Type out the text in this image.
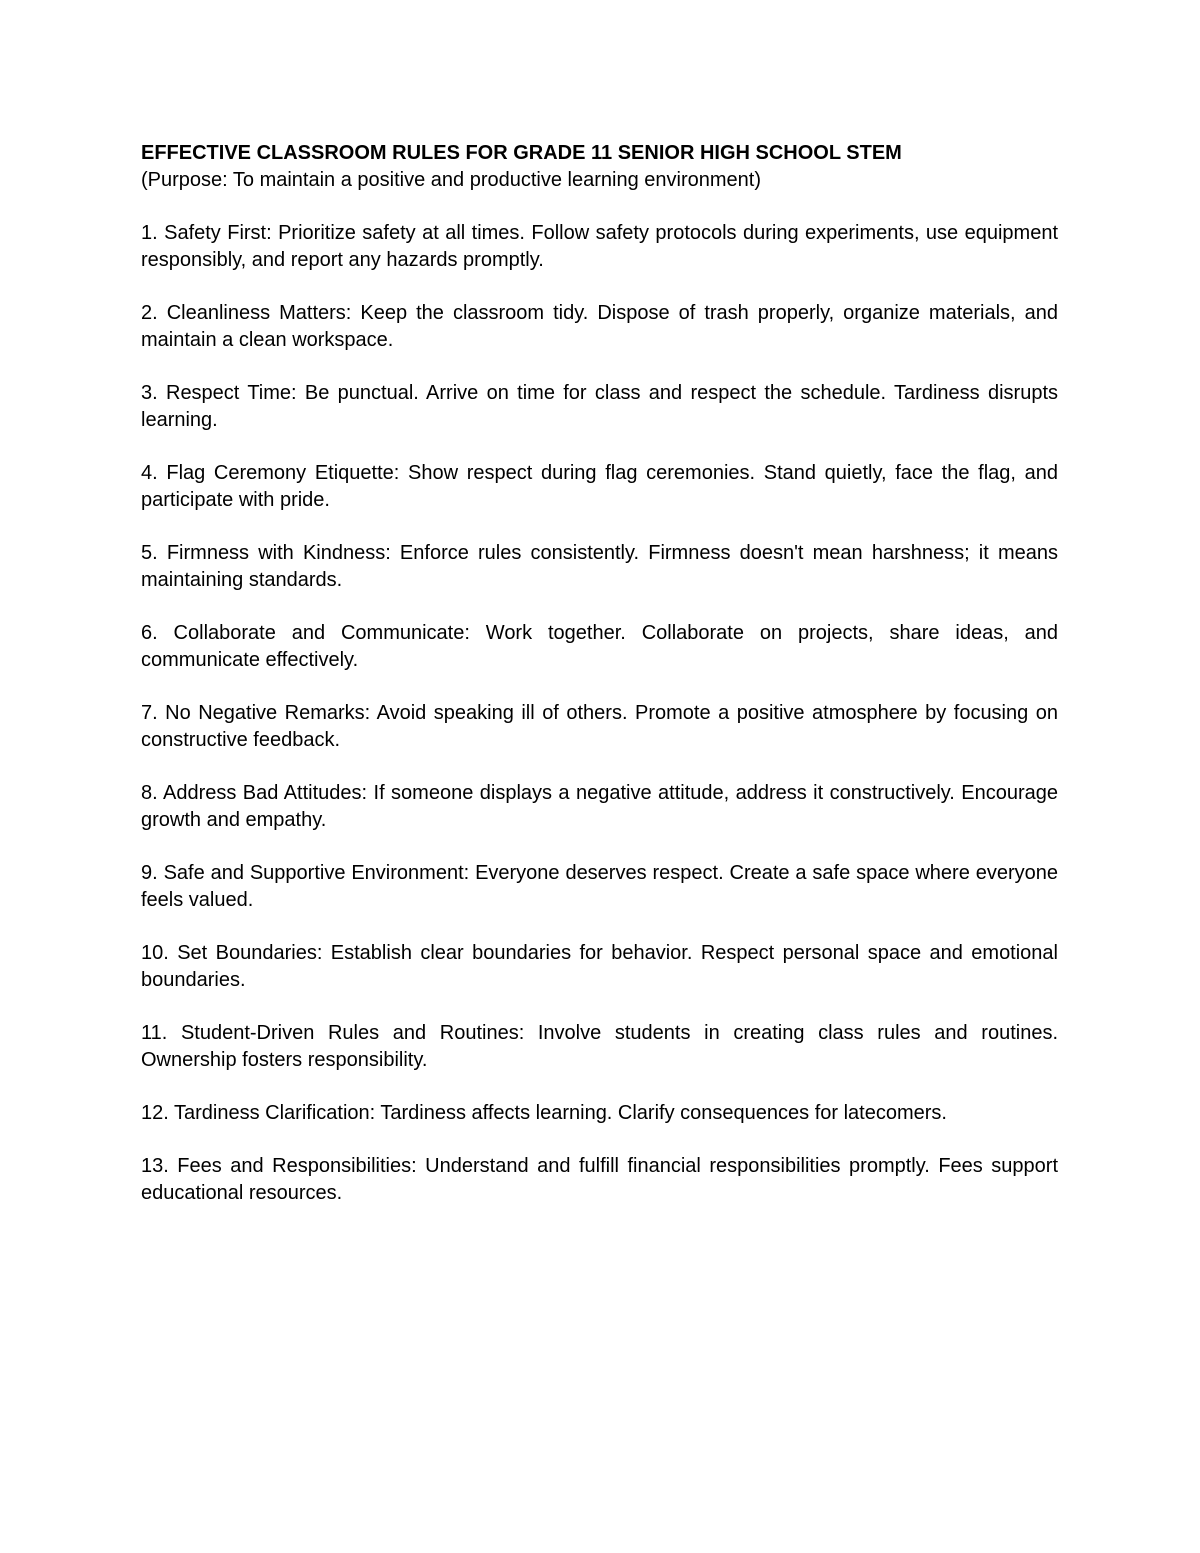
EFFECTIVE CLASSROOM RULES FOR GRADE 11 SENIOR HIGH SCHOOL STEM

(Purpose: To maintain a positive and productive learning environment)

1. Safety First: Prioritize safety at all times. Follow safety protocols during experiments, use equipment responsibly, and report any hazards promptly.
2. Cleanliness Matters: Keep the classroom tidy. Dispose of trash properly, organize materials, and maintain a clean workspace.
3. Respect Time: Be punctual. Arrive on time for class and respect the schedule. Tardiness disrupts learning.
4. Flag Ceremony Etiquette: Show respect during flag ceremonies. Stand quietly, face the flag, and participate with pride.
5. Firmness with Kindness: Enforce rules consistently. Firmness doesn't mean harshness; it means maintaining standards.
6. Collaborate and Communicate: Work together. Collaborate on projects, share ideas, and communicate effectively.
7. No Negative Remarks: Avoid speaking ill of others. Promote a positive atmosphere by focusing on constructive feedback.
8. Address Bad Attitudes: If someone displays a negative attitude, address it constructively. Encourage growth and empathy.
9. Safe and Supportive Environment: Everyone deserves respect. Create a safe space where everyone feels valued.
10. Set Boundaries: Establish clear boundaries for behavior. Respect personal space and emotional boundaries.
11. Student-Driven Rules and Routines: Involve students in creating class rules and routines. Ownership fosters responsibility.
12. Tardiness Clarification: Tardiness affects learning. Clarify consequences for latecomers.
13. Fees and Responsibilities: Understand and fulfill financial responsibilities promptly. Fees support educational resources.
